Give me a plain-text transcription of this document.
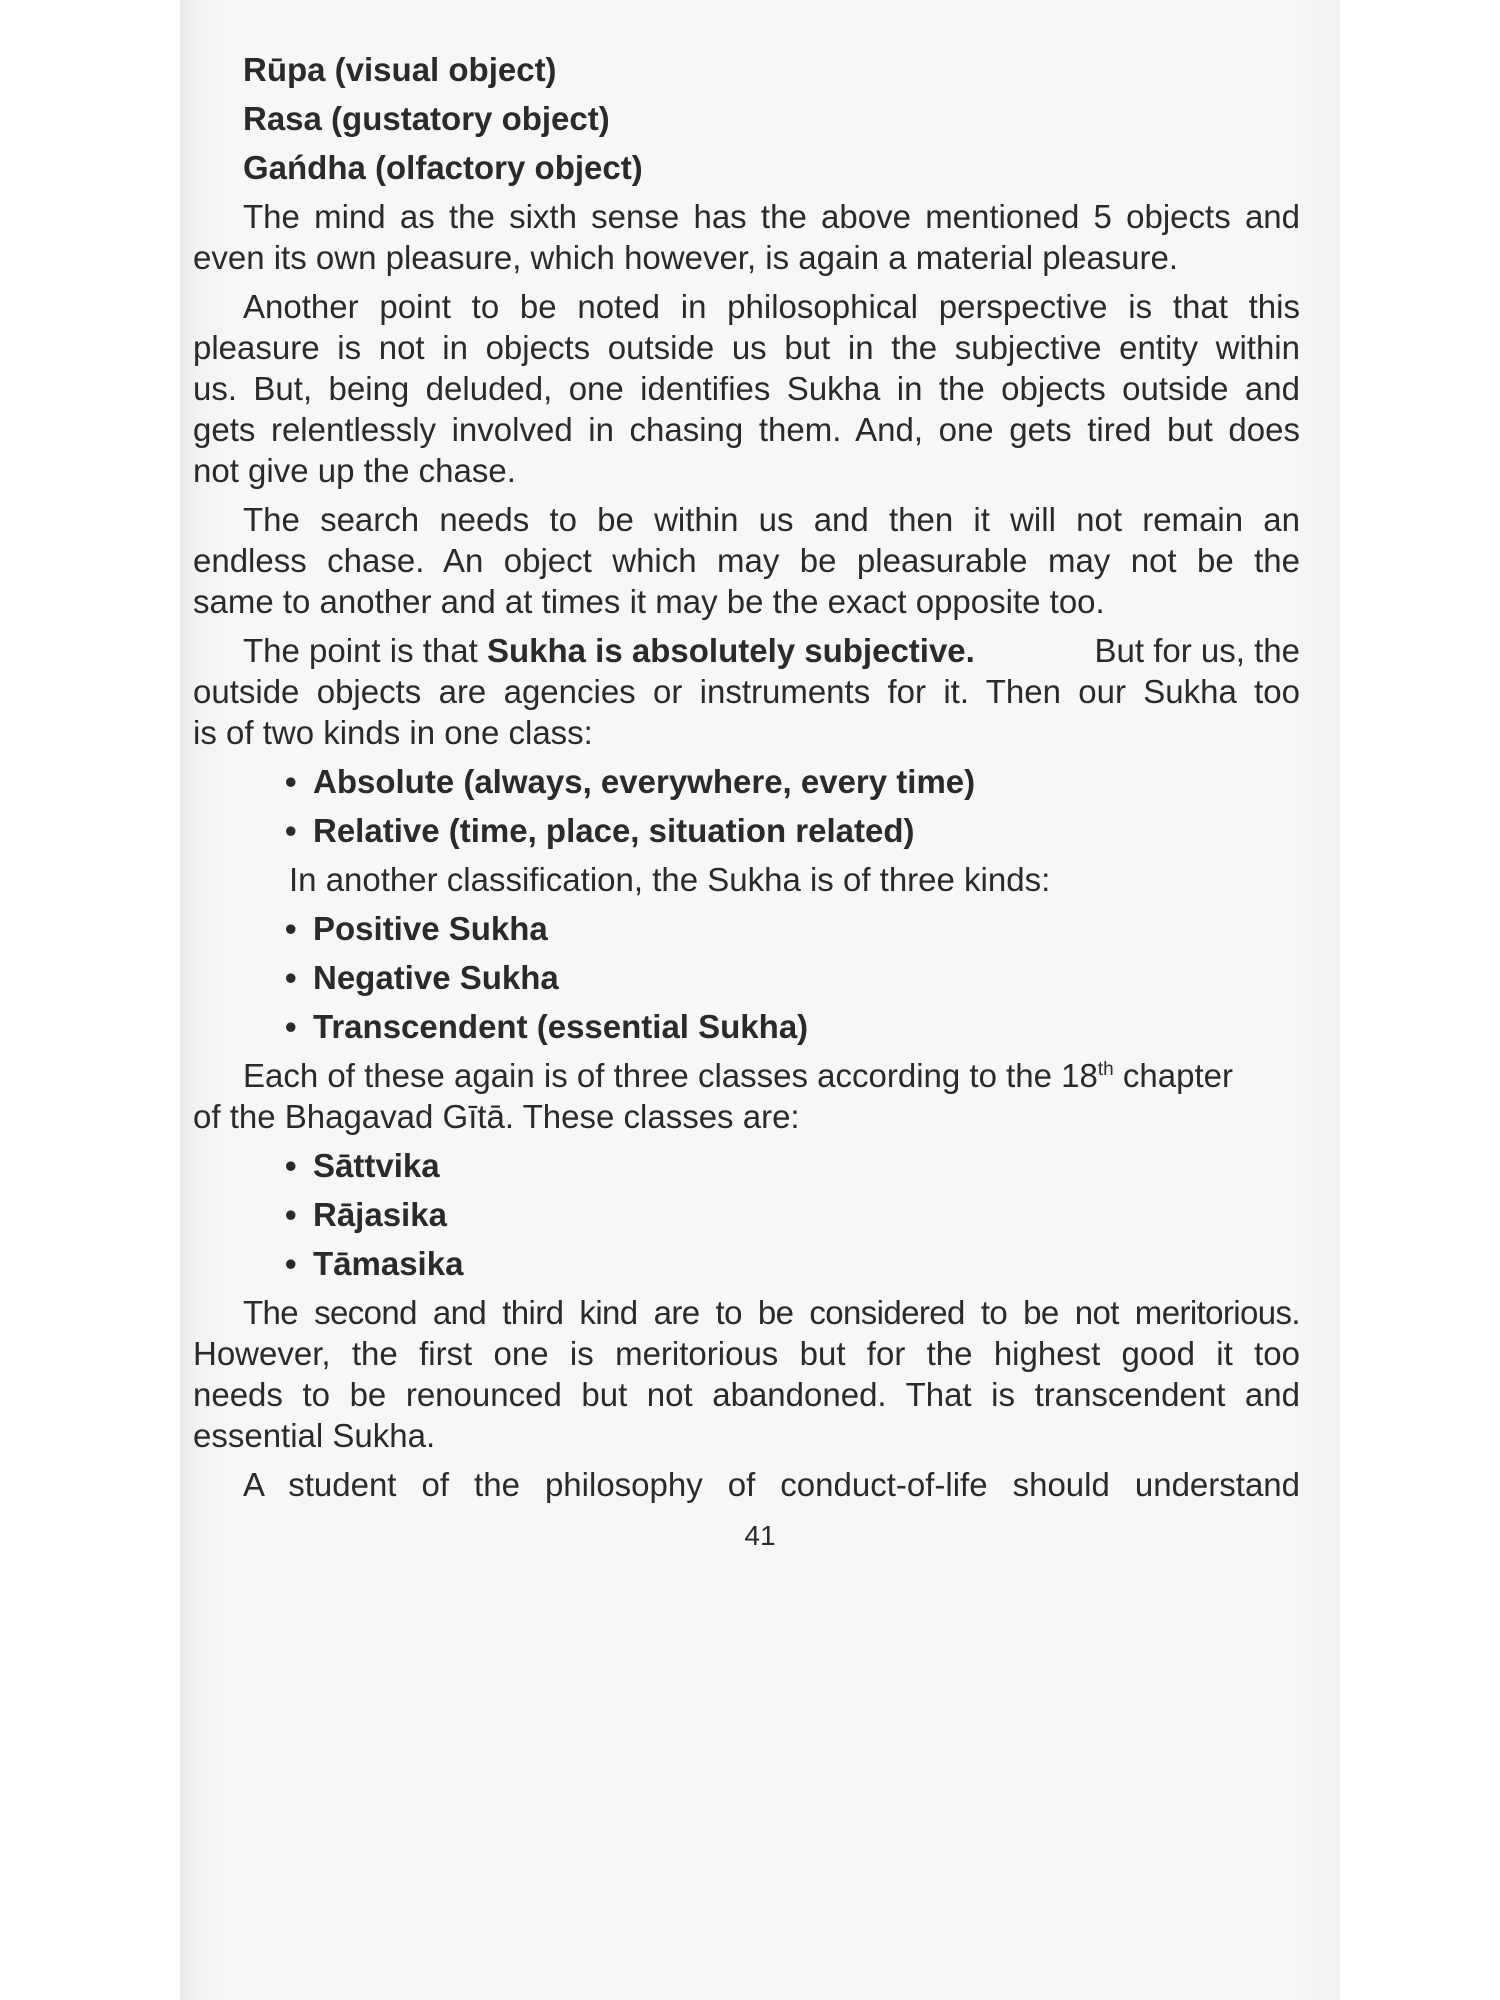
Rūpa (visual object)
Rasa (gustatory object)
Gańdha (olfactory object)
The mind as the sixth sense has the above mentioned 5 objects and
even its own pleasure, which however, is again a material pleasure.
Another point to be noted in philosophical perspective is that this
pleasure is not in objects outside us but in the subjective entity within
us. But, being deluded, one identifies Sukha in the objects outside and
gets relentlessly involved in chasing them. And, one gets tired but does
not give up the chase.
The search needs to be within us and then it will not remain an
endless chase. An object which may be pleasurable may not be the
same to another and at times it may be the exact opposite too.
The point is that Sukha is absolutely subjective.	But for us, the
outside objects are agencies or instruments for it. Then our Sukha too
is of two kinds in one class:
• Absolute (always, everywhere, every time)
• Relative (time, place, situation related)
In another classification, the Sukha is of three kinds:
• Positive Sukha
• Negative Sukha
• Transcendent (essential Sukha)
Each of these again is of three classes according to the 18th chapter
of the Bhagavad Gītā. These classes are:
• Sāttvika
• Rājasika
• Tāmasika
The second and third kind are to be considered to be not meritorious.
However, the first one is meritorious but for the highest good it too
needs to be renounced but not abandoned. That is transcendent and
essential Sukha.
A student of the philosophy of conduct-of-life should understand
41
